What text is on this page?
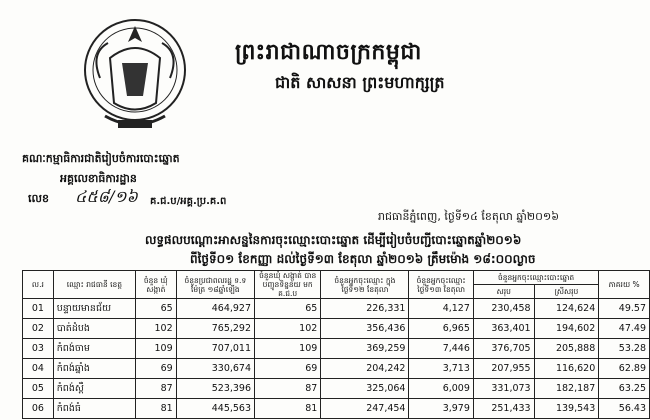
ព្រះរាជាណាចក្រកម្ពុជា
ជាតិ សាសនា ព្រះមហាក្សត្រ
គណៈកម្មាធិការជាតិរៀបចំការបោះឆ្នោត
អគ្គលេខាធិការដ្ឋាន
លេខ ៤៥៨/១៦ គ.ជ.ប/អគ្គ.ប្រ.គ.ព
រាជធានីភ្នំពេញ, ថ្ងៃទី១៤ ខែតុលា ឆ្នាំ២០១៦
លទ្ធផលបណ្តោះអាសន្ននៃការចុះឈ្មោះបោះឆ្នោត ដើម្បីរៀបចំបញ្ជីបោះឆ្នោតឆ្នាំ២០១៦
ពីថ្ងៃទី០១ ខែកញ្ញា ដល់ថ្ងៃទី១៣ ខែតុលា ឆ្នាំ២០១៦ ត្រឹមម៉ោង ១៨:០០ល្ងាច
ល.រ	ឈ្មោះ រាជធានី ខេត្ត	ចំនួន ឃុំ សង្កាត់	ចំនួនប្រជាពលរដ្ឋ ទ.ទ ម៉ែត្រ ១៨ឆ្នាំឡើង	ចំនួនឃុំ សង្កាត់ បានបញ្ជូនទិន្នន័យ មក គ.ជ.ប	ចំនួនអ្នកចុះឈ្មោះ ក្នុងថ្ងៃទី១២ ខែតុលា	ចំនួនអ្នកចុះឈ្មោះ ថ្ងៃទី១៣ ខែតុលា	ចំនួនអ្នកចុះឈ្មោះបោះឆ្នោត		ភាគរយ %
							សរុប	ស្រីសរុប	
01	បន្ទាយមានជ័យ	65	464,927	65	226,331	4,127	230,458	124,624	49.57
02	បាត់ដំបង	102	765,292	102	356,436	6,965	363,401	194,602	47.49
03	កំពង់ចាម	109	707,011	109	369,259	7,446	376,705	205,888	53.28
04	កំពង់ឆ្នាំង	69	330,674	69	204,242	3,713	207,955	116,620	62.89
05	កំពង់ស្ពឺ	87	523,396	87	325,064	6,009	331,073	182,187	63.25
06	កំពង់ធំ	81	445,563	81	247,454	3,979	251,433	139,543	56.43
